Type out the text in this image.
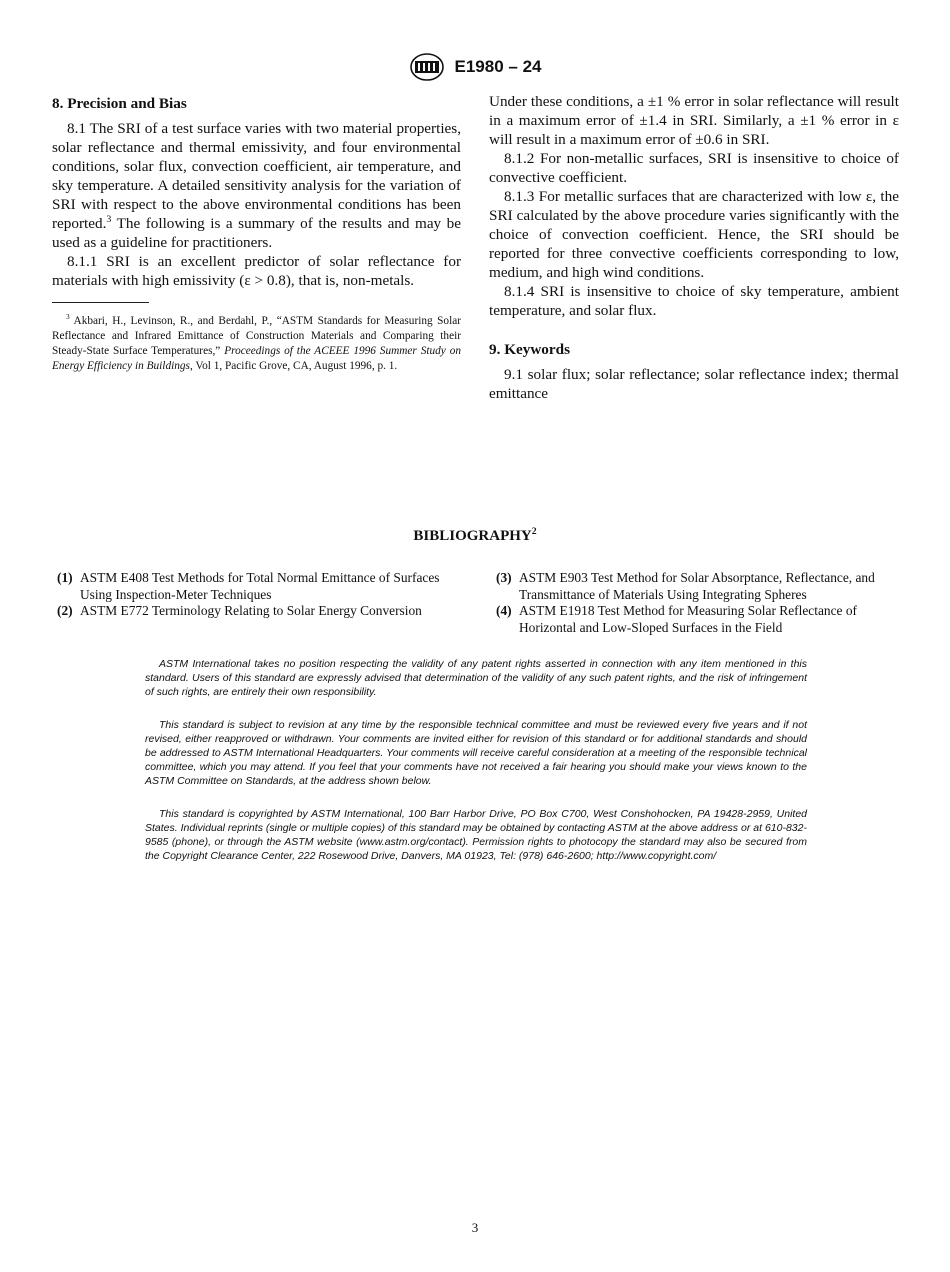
E1980 – 24
8. Precision and Bias

8.1 The SRI of a test surface varies with two material properties, solar reflectance and thermal emissivity, and four environmental conditions, solar flux, convection coefficient, air temperature, and sky temperature. A detailed sensitivity analysis for the variation of SRI with respect to the above environmental conditions has been reported.$^3$ The following is a summary of the results and may be used as a guideline for practitioners.

8.1.1 SRI is an excellent predictor of solar reflectance for materials with high emissivity (ε > 0.8), that is, non-metals.

$^3$ Akbari, H., Levinson, R., and Berdahl, P., “ASTM Standards for Measuring Solar Reflectance and Infrared Emittance of Construction Materials and Comparing their Steady-State Surface Temperatures,” Proceedings of the ACEEE 1996 Summer Study on Energy Efficiency in Buildings, Vol 1, Pacific Grove, CA, August 1996, p. 1.

Under these conditions, a ±1 % error in solar reflectance will result in a maximum error of ±1.4 in SRI. Similarly, a ±1 % error in ε will result in a maximum error of ±0.6 in SRI.

8.1.2 For non-metallic surfaces, SRI is insensitive to choice of convective coefficient.

8.1.3 For metallic surfaces that are characterized with low ε, the SRI calculated by the above procedure varies significantly with the choice of convection coefficient. Hence, the SRI should be reported for three convective coefficients corresponding to low, medium, and high wind conditions.

8.1.4 SRI is insensitive to choice of sky temperature, ambient temperature, and solar flux.

9. Keywords

9.1 solar flux; solar reflectance; solar reflectance index; thermal emittance

BIBLIOGRAPHY$^2$
(1) ASTM E408 Test Methods for Total Normal Emittance of Surfaces Using Inspection-Meter Techniques
(2) ASTM E772 Terminology Relating to Solar Energy Conversion
(3) ASTM E903 Test Method for Solar Absorptance, Reflectance, and Transmittance of Materials Using Integrating Spheres
(4) ASTM E1918 Test Method for Measuring Solar Reflectance of Horizontal and Low-Sloped Surfaces in the Field

ASTM International takes no position respecting the validity of any patent rights asserted in connection with any item mentioned in this standard. Users of this standard are expressly advised that determination of the validity of any such patent rights, and the risk of infringement of such rights, are entirely their own responsibility.

This standard is subject to revision at any time by the responsible technical committee and must be reviewed every five years and if not revised, either reapproved or withdrawn. Your comments are invited either for revision of this standard or for additional standards and should be addressed to ASTM International Headquarters. Your comments will receive careful consideration at a meeting of the responsible technical committee, which you may attend. If you feel that your comments have not received a fair hearing you should make your views known to the ASTM Committee on Standards, at the address shown below.

This standard is copyrighted by ASTM International, 100 Barr Harbor Drive, PO Box C700, West Conshohocken, PA 19428-2959, United States. Individual reprints (single or multiple copies) of this standard may be obtained by contacting ASTM at the above address or at 610-832-9585 (phone), or through the ASTM website (www.astm.org/contact). Permission rights to photocopy the standard may also be secured from the Copyright Clearance Center, 222 Rosewood Drive, Danvers, MA 01923, Tel: (978) 646-2600; http://www.copyright.com/

3
